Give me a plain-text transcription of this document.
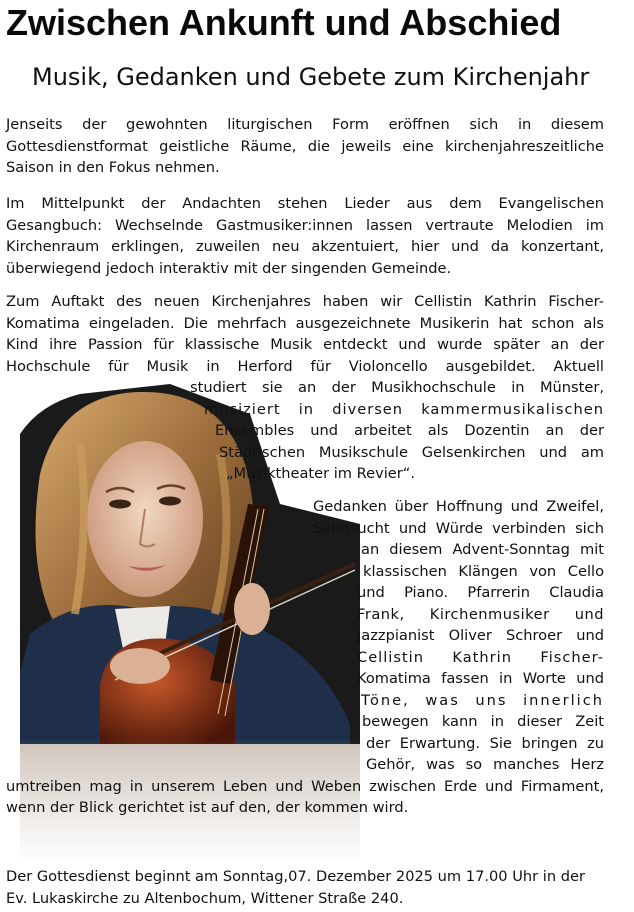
Zwischen Ankunft und Abschied
Musik, Gedanken und Gebete zum Kirchenjahr

Jenseits der gewohnten liturgischen Form eröffnen sich in diesem Gottesdienstformat geistliche Räume, die jeweils eine kirchenjahreszeitliche Saison in den Fokus nehmen.

Im Mittelpunkt der Andachten stehen Lieder aus dem Evangelischen Gesangbuch: Wechselnde Gastmusiker:innen lassen vertraute Melodien im Kirchenraum erklingen, zuweilen neu akzentuiert, hier und da konzertant, überwiegend jedoch interaktiv mit der singenden Gemeinde.

Zum Auftakt des neuen Kirchenjahres haben wir Cellistin Kathrin Fischer-

Komatima eingeladen. Die mehrfach ausgezeichnete Musikerin hat schon als

Kind ihre Passion für klassische Musik entdeckt und wurde später an der

Hochschule für Musik in Herford für Violoncello ausgebildet. Aktuell

studiert sie an der Musikhochschule in Münster,

musiziert in diversen kammermusikalischen

Ensembles und arbeitet als Dozentin an der

Städtischen Musikschule Gelsenkirchen und am

„Musiktheater im Revier“.

Gedanken über Hoffnung und Zweifel,

Sehnsucht und Würde verbinden sich

an diesem Advent-Sonntag mit

klassischen Klängen von Cello

und Piano. Pfarrerin Claudia

Frank, Kirchenmusiker und

Jazzpianist Oliver Schroer und

Cellistin Kathrin Fischer-

Komatima fassen in Worte und

Töne, was uns innerlich

bewegen kann in dieser Zeit

der Erwartung. Sie bringen zu

Gehör, was so manches Herz

umtreiben mag in unserem Leben und Weben zwischen Erde und Firmament,

wenn der Blick gerichtet ist auf den, der kommen wird.

Der Gottesdienst beginnt am Sonntag,07. Dezember 2025 um 17.00 Uhr in der Ev. Lukaskirche zu Altenbochum, Wittener Straße 240.
